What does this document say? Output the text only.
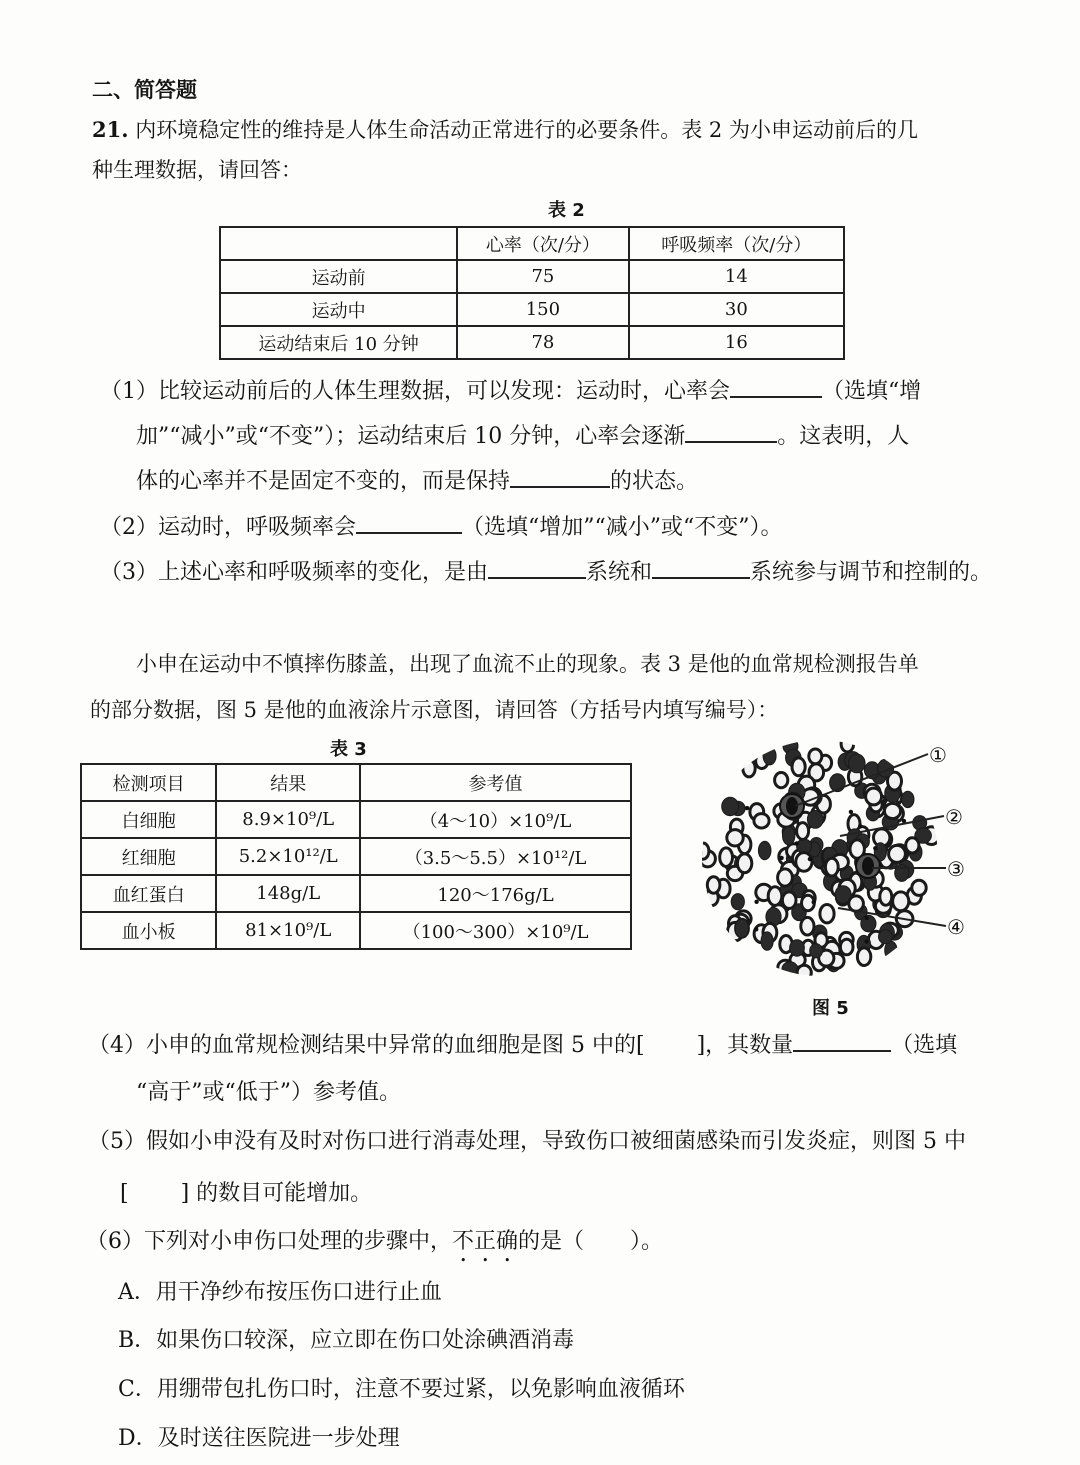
二、简答题
21. 内环境稳定性的维持是人体生命活动正常进行的必要条件。表 2 为小申运动前后的几
种生理数据，请回答：
表 2
	心率（次/分）	呼吸频率（次/分）
运动前	75	14
运动中	150	30
运动结束后 10 分钟	78	16
（1）比较运动前后的人体生理数据，可以发现：运动时，心率会	（选填“增
加”“减小”或“不变”）；运动结束后 10 分钟，心率会逐渐	。这表明，人
体的心率并不是固定不变的，而是保持	的状态。
（2）运动时，呼吸频率会	（选填“增加”“减小”或“不变”）。
（3）上述心率和呼吸频率的变化，是由	系统和	系统参与调节和控制的。
小申在运动中不慎摔伤膝盖，出现了血流不止的现象。表 3 是他的血常规检测报告单
的部分数据，图 5 是他的血液涂片示意图，请回答（方括号内填写编号）：
表 3
检测项目	结果	参考值
白细胞	8.9×10⁹/L	（4～10）×10⁹/L
红细胞	5.2×10¹²/L	（3.5～5.5）×10¹²/L
血红蛋白	148g/L	120～176g/L
血小板	81×10⁹/L	（100～300）×10⁹/L
①
②
③
④
图 5
（4）小申的血常规检测结果中异常的血细胞是图 5 中的[ ]，其数量	（选填
“高于”或“低于”）参考值。
（5）假如小申没有及时对伤口进行消毒处理，导致伤口被细菌感染而引发炎症，则图 5 中
[ ] 的数目可能增加。
（6）下列对小申伤口处理的步骤中，不正确的是（ ）。
A．用干净纱布按压伤口进行止血
B．如果伤口较深，应立即在伤口处涂碘酒消毒
C．用绷带包扎伤口时，注意不要过紧，以免影响血液循环
D．及时送往医院进一步处理
